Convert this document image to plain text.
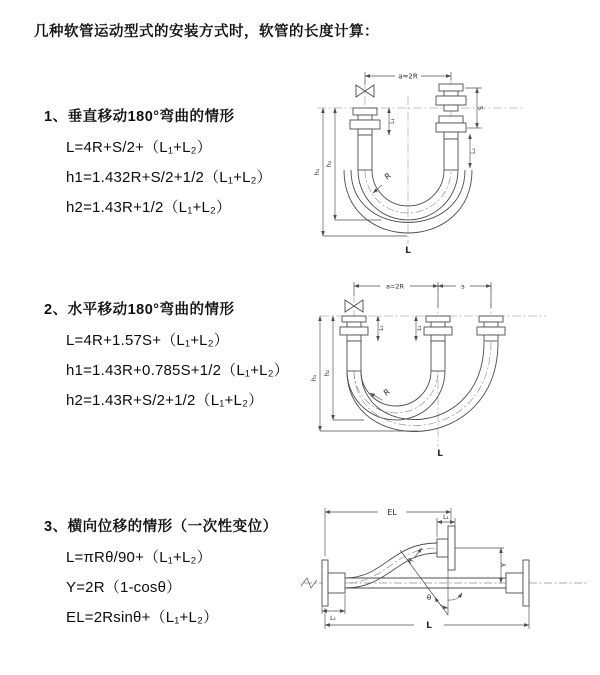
几种软管运动型式的安装方式时，软管的长度计算：
1、垂直移动180°弯曲的情形

L=4R+S/2+（L₁+L₂）

h1=1.432R+S/2+1/2（L₁+L₂）

h2=1.43R+1/2（L₁+L₂）

a=2R
R
S
L₂
L₁
h₁
h₂
L
2、水平移动180°弯曲的情形

L=4R+1.57S+（L₁+L₂）

h1=1.43R+0.785S+1/2（L₁+L₂）

h2=1.43R+S/2+1/2（L₁+L₂）

a=2R	s
R
L₁	L₂
h₁
h₂
L
3、横向位移的情形（一次性变位）

L=πRθ/90+（L₁+L₂）

Y=2R（1-cosθ）

EL=2Rsinθ+（L₁+L₂）

EL
L₁
Y
R
θ
L₂
L
